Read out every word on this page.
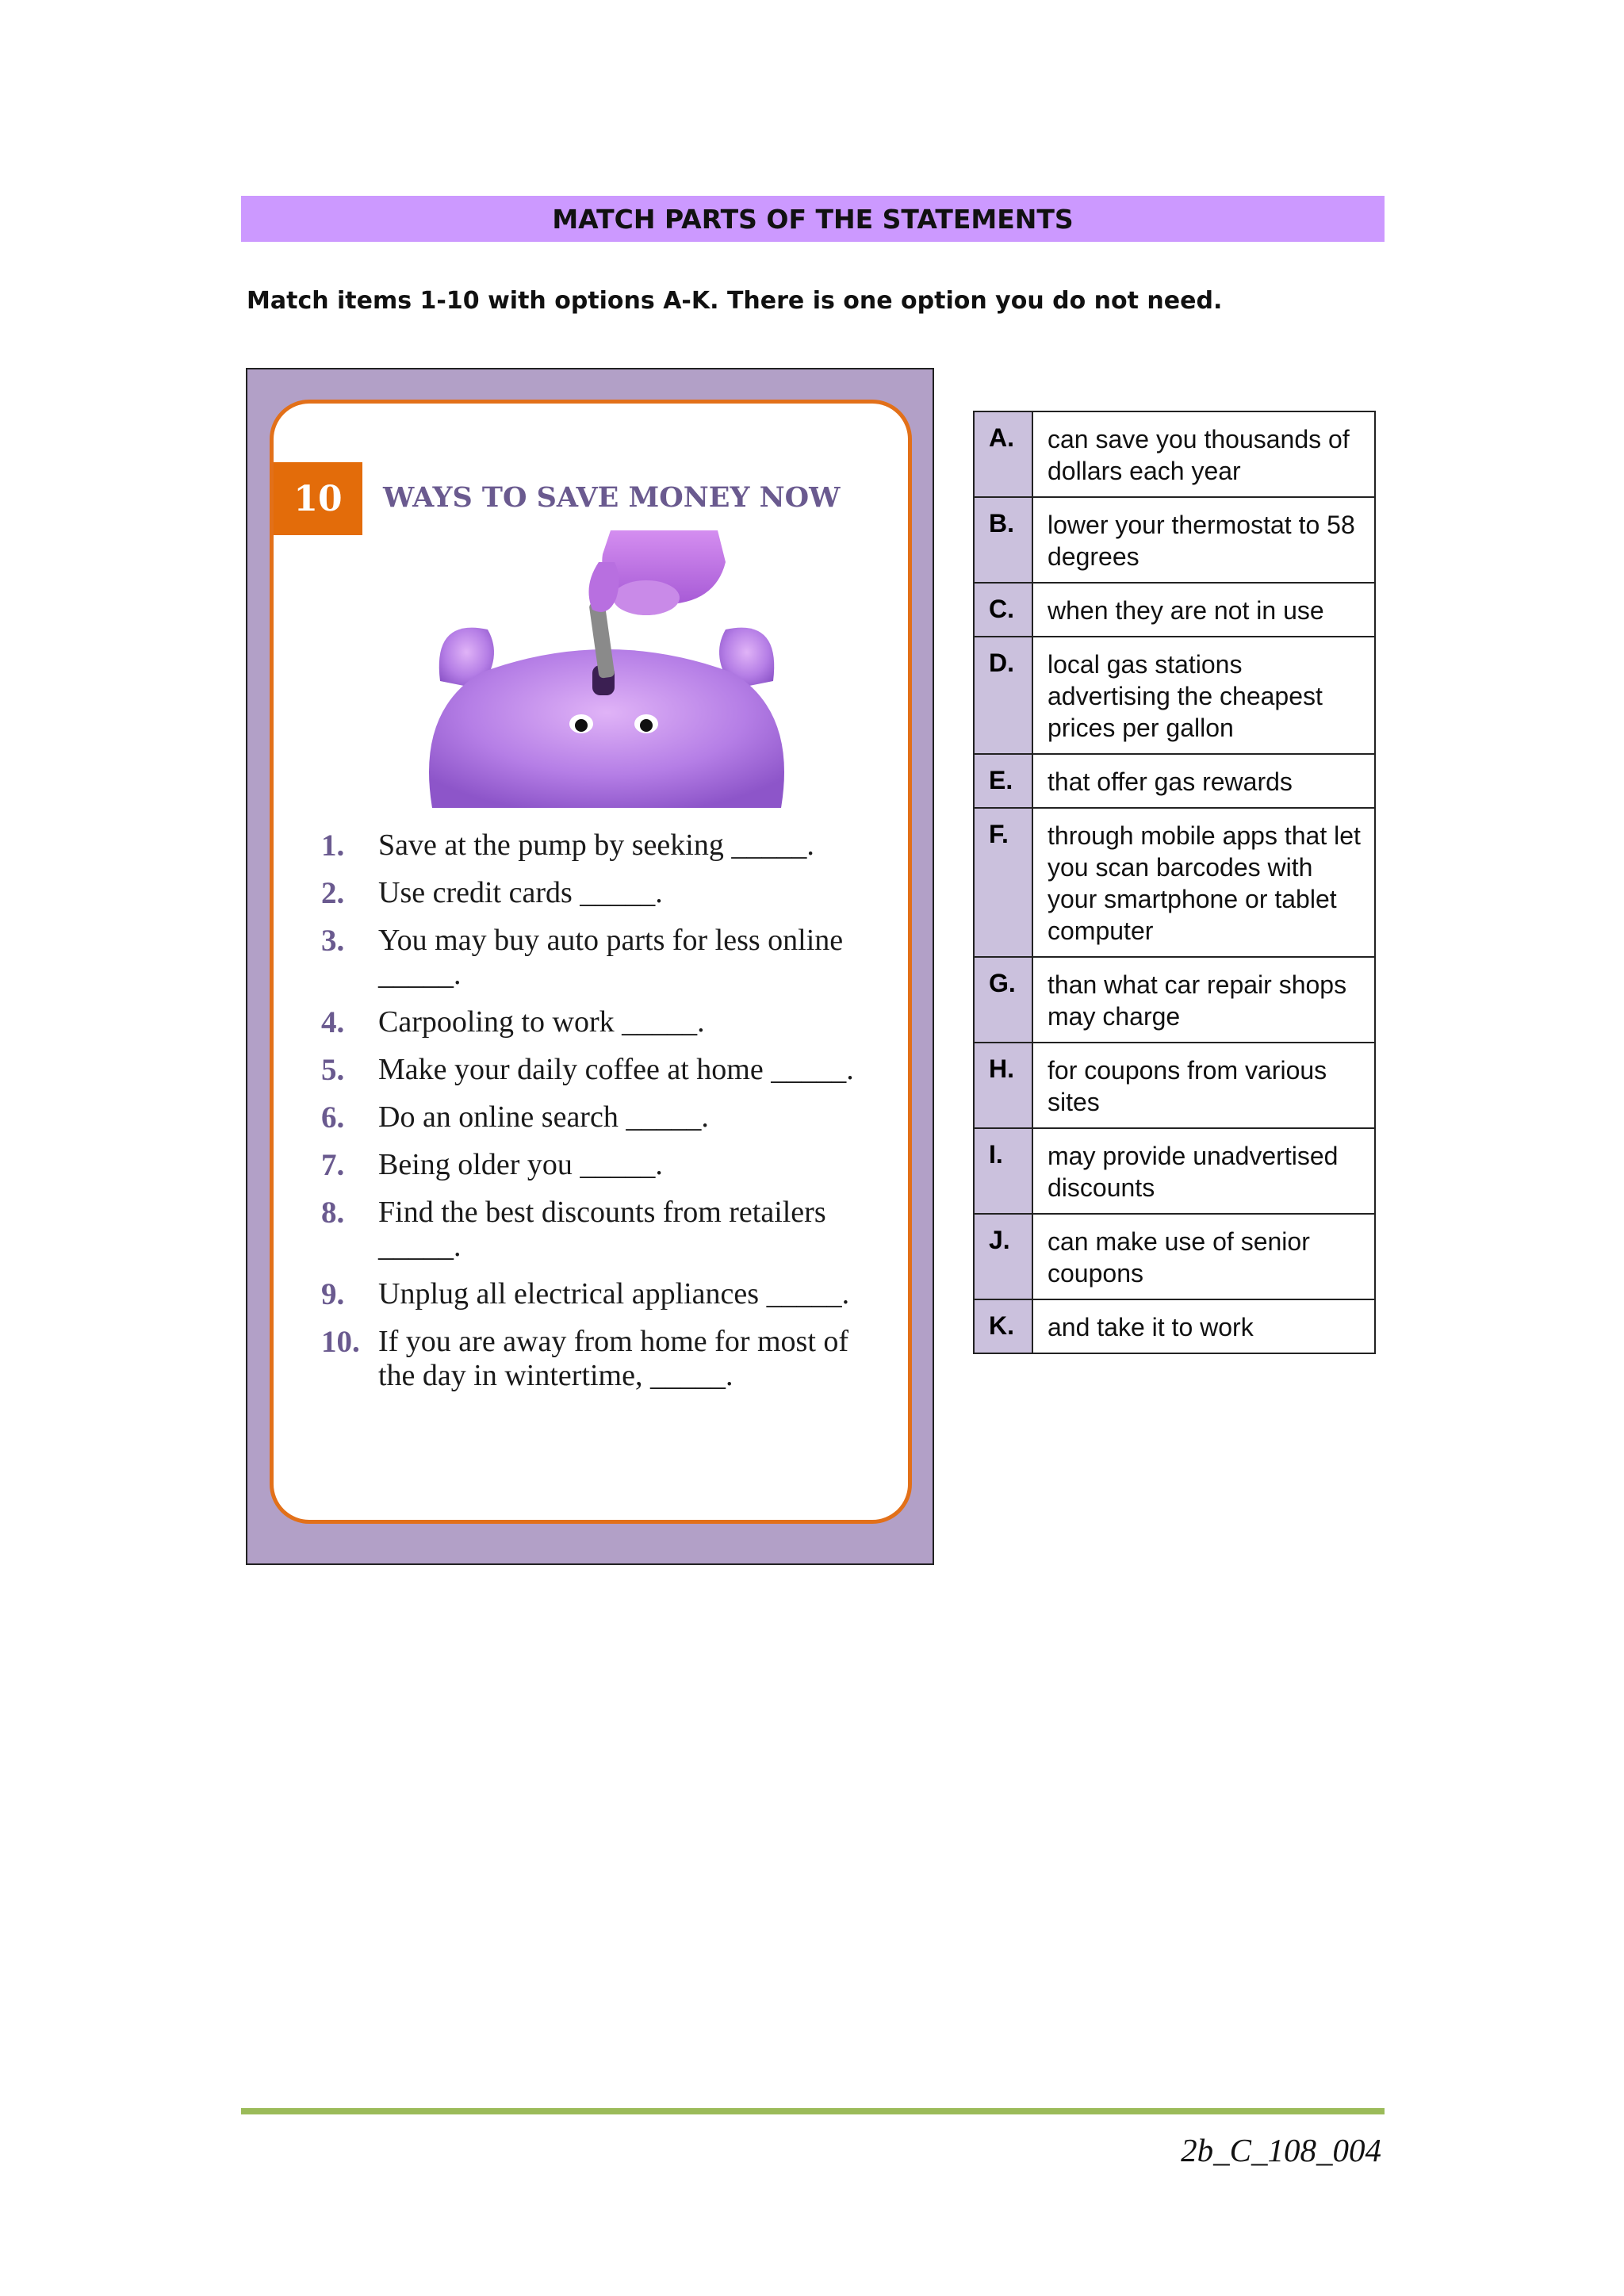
MATCH PARTS OF THE STATEMENTS

Match items 1-10 with options A-K. There is one option you do not need.

10	WAYS TO SAVE MONEY NOW
1.	Save at the pump by seeking _____.
2.	Use credit cards _____.
3.	You may buy auto parts for less online _____.
4.	Carpooling to work _____.
5.	Make your daily coffee at home _____.
6.	Do an online search _____.
7.	Being older you _____.
8.	Find the best discounts from retailers _____.
9.	Unplug all electrical appliances _____.
10. If you are away from home for most of the day in wintertime, _____.
A.	can save you thousands of dollars each year
B.	lower your thermostat to 58 degrees
C.	when they are not in use
D.	local gas stations advertising the cheapest prices per gallon
E.	that offer gas rewards
F.	through mobile apps that let you scan barcodes with your smartphone or tablet computer
G.	than what car repair shops may charge
H.	for coupons from various sites
I.	may provide unadvertised discounts
J.	can make use of senior coupons
K.	and take it to work
2b_C_108_004
